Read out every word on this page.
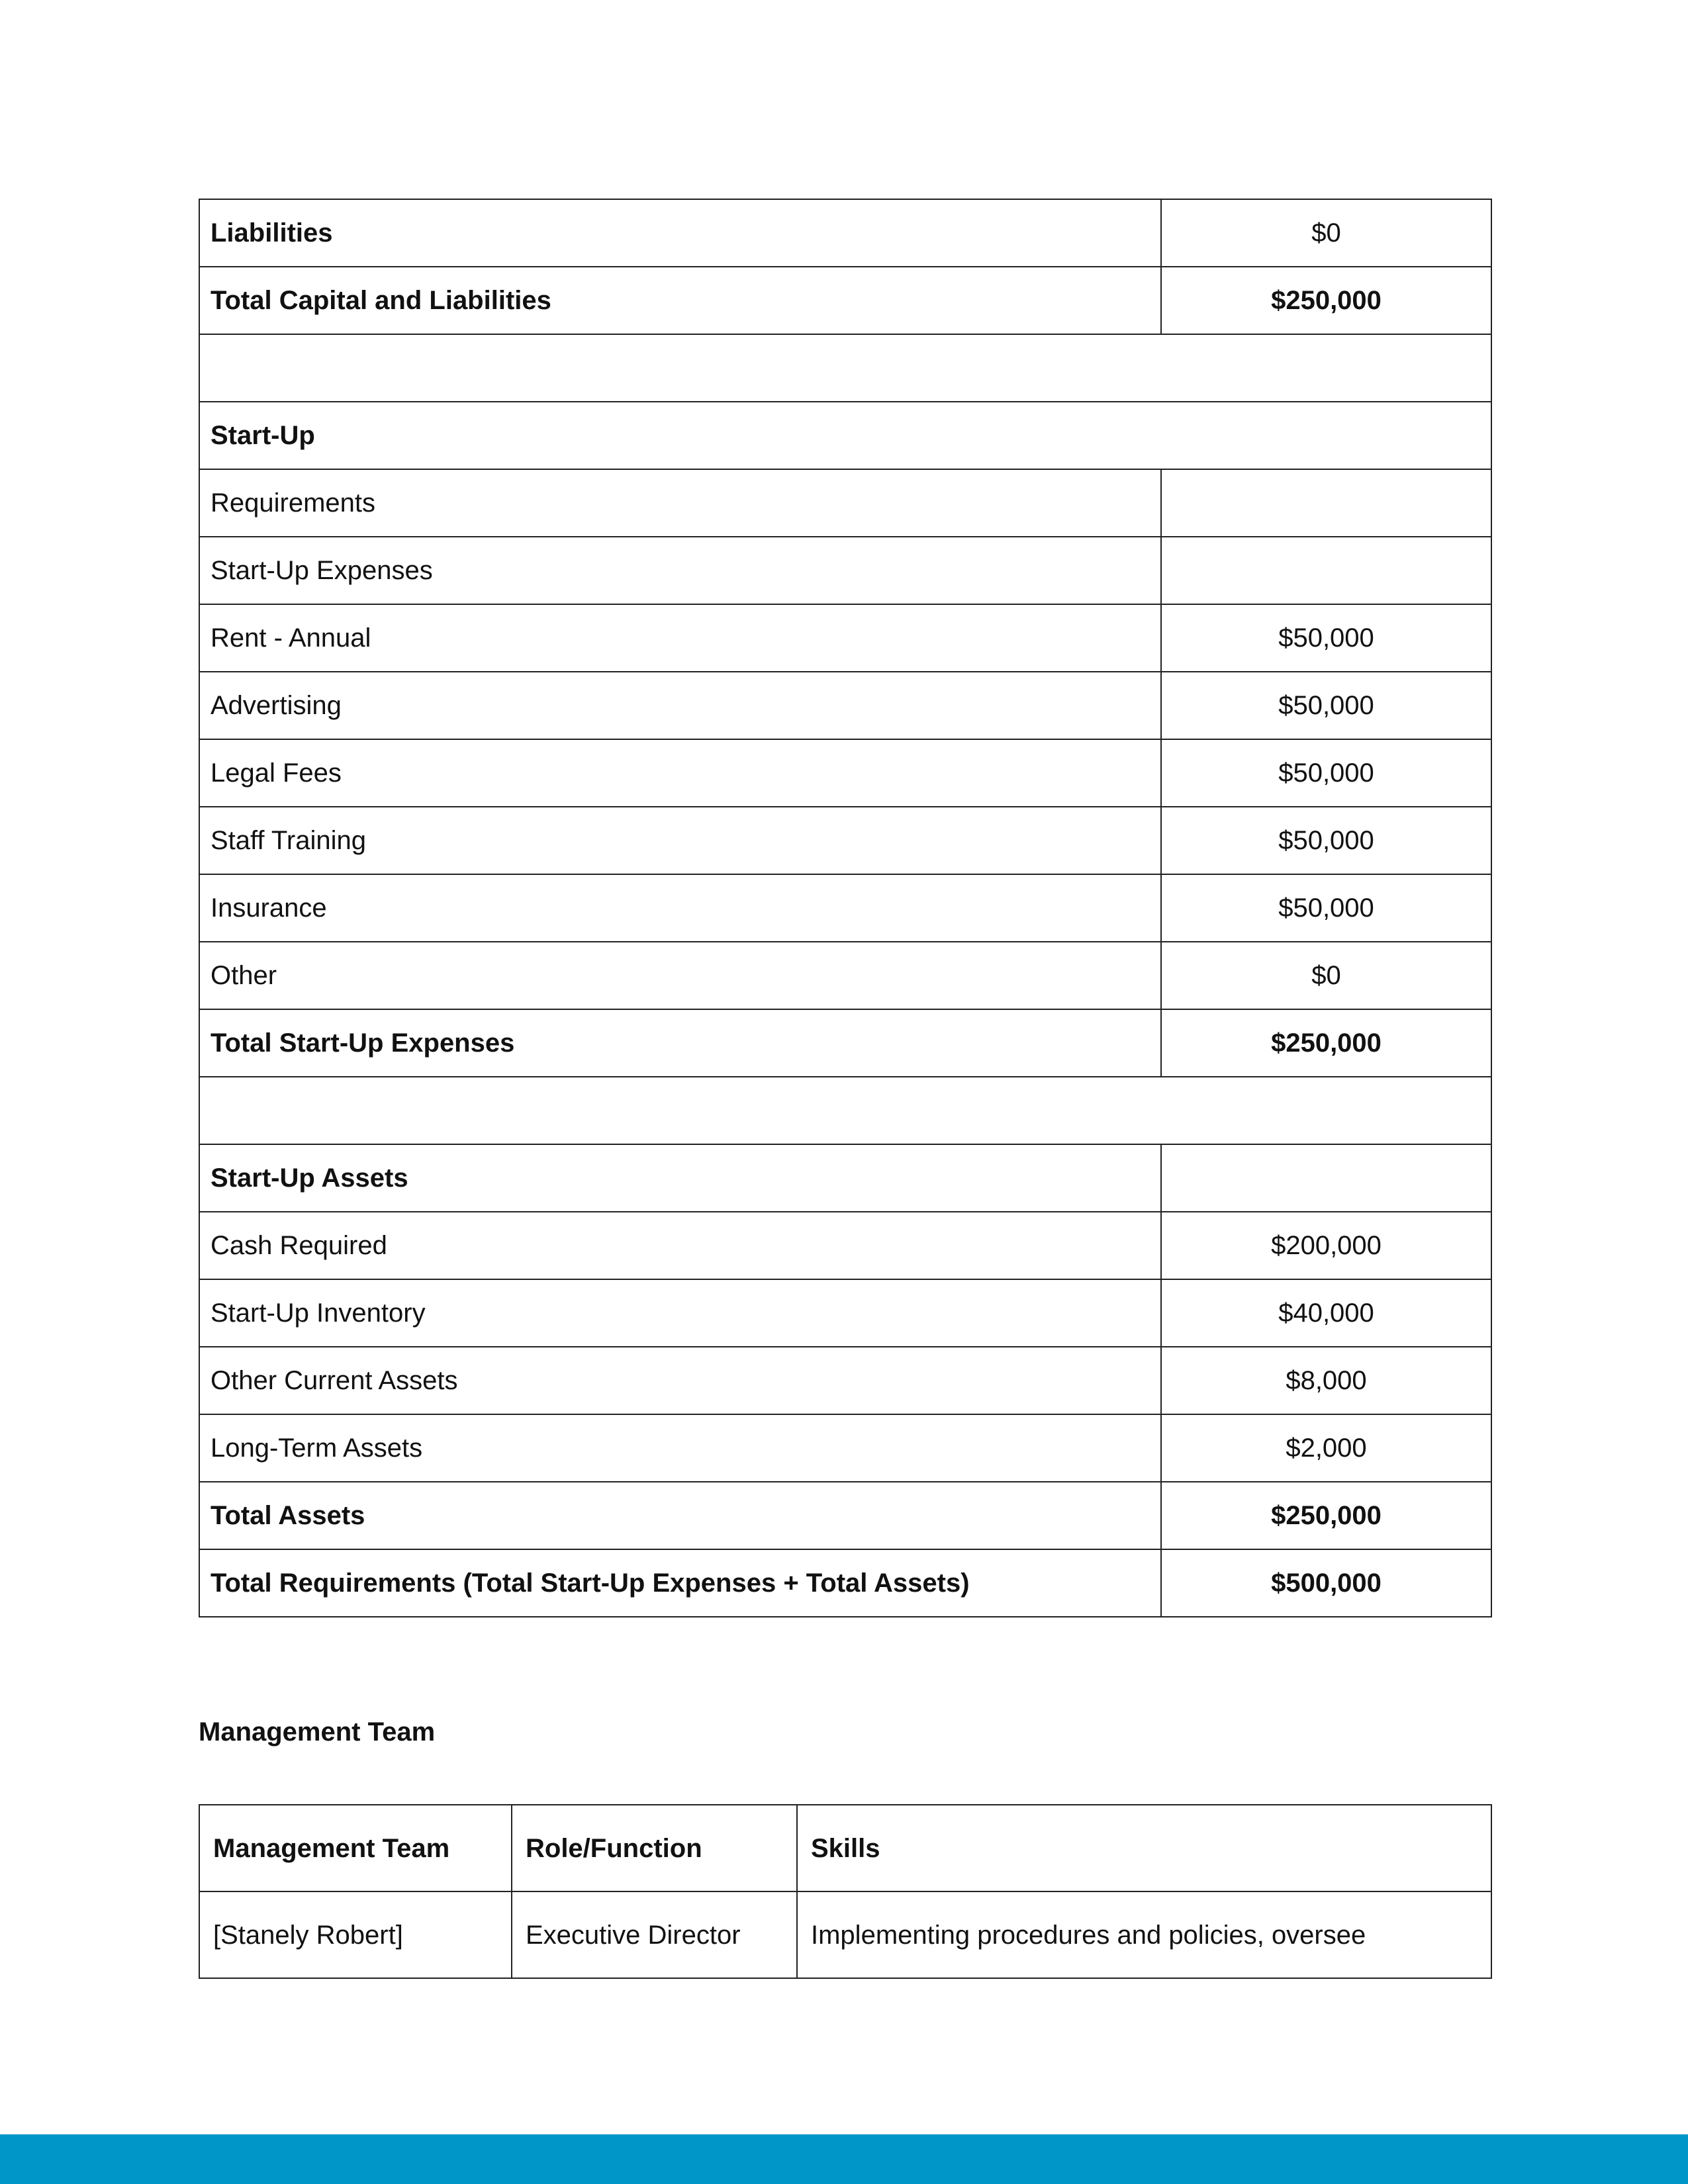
Liabilities	$0
Total Capital and Liabilities	$250,000

Start-Up	
Requirements	
Start-Up Expenses	
Rent - Annual	$50,000
Advertising	$50,000
Legal Fees	$50,000
Staff Training	$50,000
Insurance	$50,000
Other	$0
Total Start-Up Expenses	$250,000

Start-Up Assets	
Cash Required	$200,000
Start-Up Inventory	$40,000
Other Current Assets	$8,000
Long-Term Assets	$2,000
Total Assets	$250,000
Total Requirements (Total Start-Up Expenses + Total Assets)	$500,000
Management Team
Management Team	Role/Function	Skills
[Stanely Robert]	Executive Director	Implementing procedures and policies, oversee
